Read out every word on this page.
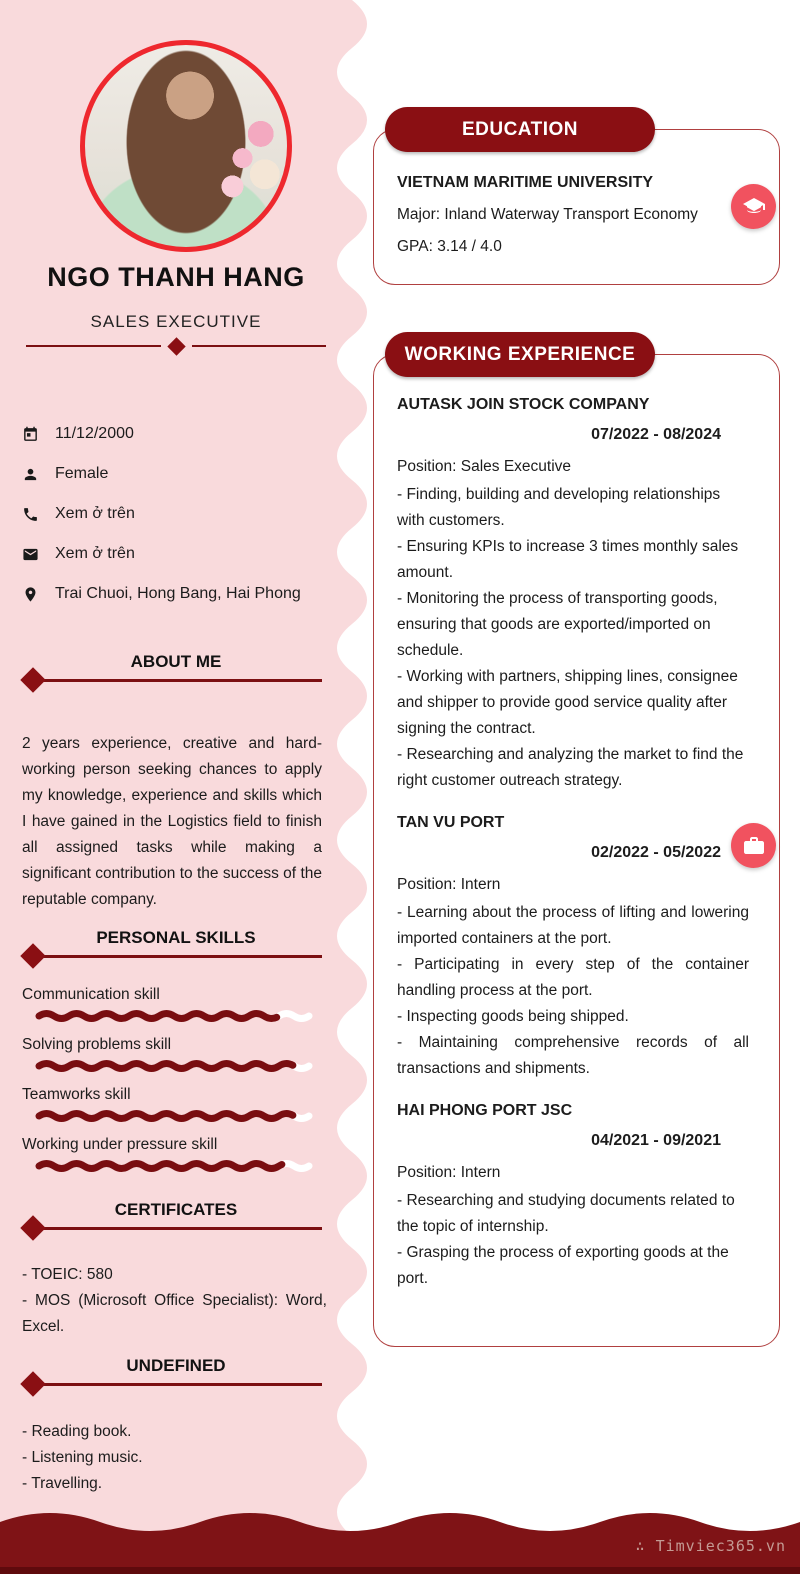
NGO THANH HANG
SALES EXECUTIVE
11/12/2000
Female
Xem ở trên
Xem ở trên
Trai Chuoi, Hong Bang, Hai Phong
ABOUT ME
2 years experience, creative and hard-working person seeking chances to apply my knowledge, experience and skills which I have gained in the Logistics field to finish all assigned tasks while making a significant contribution to the success of the reputable company.
PERSONAL SKILLS
Communication skill
Solving problems skill
Teamworks skill
Working under pressure skill
CERTIFICATES
- TOEIC: 580
- MOS (Microsoft Office Specialist): Word, Excel.
UNDEFINED
- Reading book.
- Listening music.
- Travelling.
EDUCATION
VIETNAM MARITIME UNIVERSITY
Major: Inland Waterway Transport Economy
GPA: 3.14 / 4.0
WORKING EXPERIENCE
AUTASK JOIN STOCK COMPANY
07/2022 - 08/2024
Position: Sales Executive

- Finding, building and developing relationships with customers.

- Ensuring KPIs to increase 3 times monthly sales amount.

- Monitoring the process of transporting goods, ensuring that goods are exported/imported on schedule.

- Working with partners, shipping lines, consignee and shipper to provide good service quality after signing the contract.

- Researching and analyzing the market to find the right customer outreach strategy.

TAN VU PORT
02/2022 - 05/2022
Position: Intern

- Learning about the process of lifting and lowering imported containers at the port.

- Participating in every step of the container handling process at the port.

- Inspecting goods being shipped.

- Maintaining comprehensive records of all transactions and shipments.

HAI PHONG PORT JSC
04/2021 - 09/2021
Position: Intern

- Researching and studying documents related to the topic of internship.

- Grasping the process of exporting goods at the port.

∴ Timviec365.vn
